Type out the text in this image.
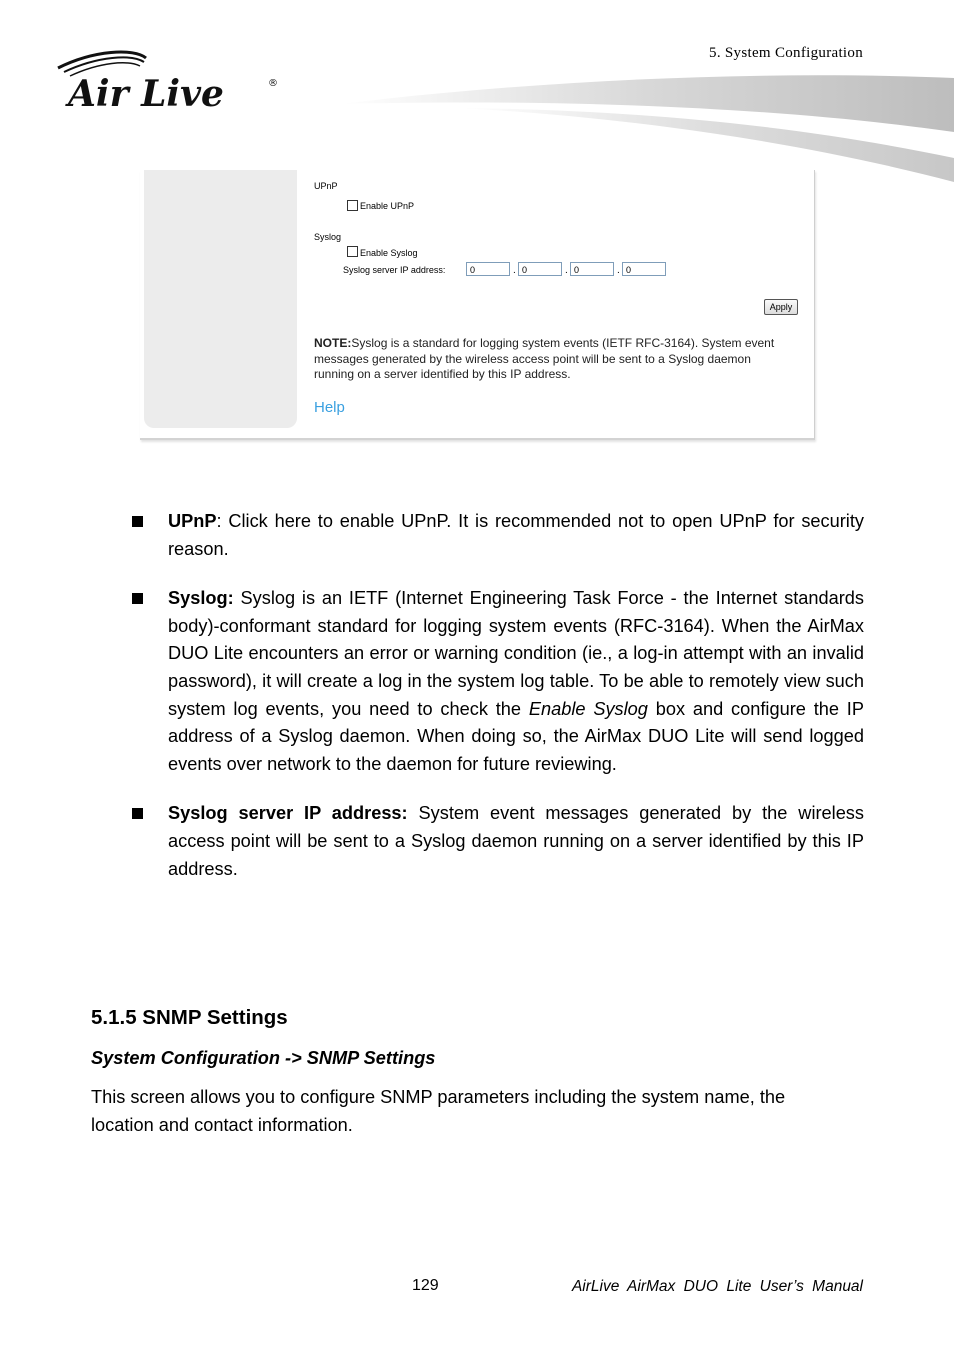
5. System Configuration
Air Live	®
UPnP
Enable UPnP
Syslog
Enable Syslog
Syslog server IP address:	0	. 0	. 0	. 0
Apply
NOTE:Syslog is a standard for logging system events (IETF RFC-3164). System event messages generated by the wireless access point will be sent to a Syslog daemon running on a server identified by this IP address.
Help
UPnP: Click here to enable UPnP. It is recommended not to open UPnP for security reason.
Syslog: Syslog is an IETF (Internet Engineering Task Force - the Internet standards body)-conformant standard for logging system events (RFC-3164). When the AirMax DUO Lite encounters an error or warning condition (ie., a log-in attempt with an invalid password), it will create a log in the system log table. To be able to remotely view such system log events, you need to check the Enable Syslog box and configure the IP address of a Syslog daemon. When doing so, the AirMax DUO Lite will send logged events over network to the daemon for future reviewing.
Syslog server IP address: System event messages generated by the wireless access point will be sent to a Syslog daemon running on a server identified by this IP address.
5.1.5 SNMP Settings
System Configuration -> SNMP Settings
This screen allows you to configure SNMP parameters including the system name, the location and contact information.
129	AirLive AirMax DUO Lite User’s Manual
